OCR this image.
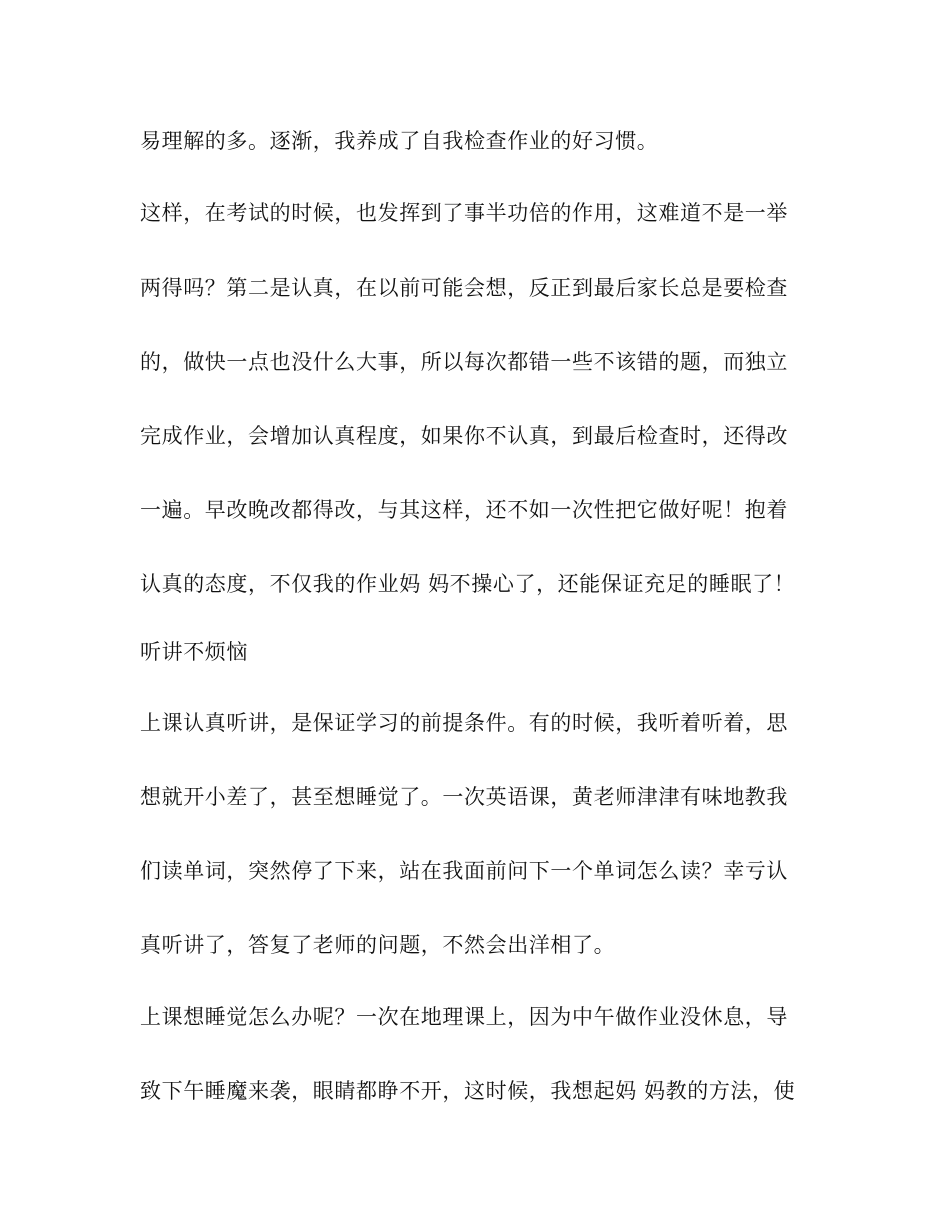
易理解的多。逐渐，我养成了自我检查作业的好习惯。
这样，在考试的时候，也发挥到了事半功倍的作用，这难道不是一举
两得吗？第二是认真，在以前可能会想，反正到最后家长总是要检查
的，做快一点也没什么大事，所以每次都错一些不该错的题，而独立
完成作业，会增加认真程度，如果你不认真，到最后检查时，还得改
一遍。早改晚改都得改，与其这样，还不如一次性把它做好呢！抱着
认真的态度，不仅我的作业妈 妈不操心了，还能保证充足的睡眠了！
听讲不烦恼
上课认真听讲，是保证学习的前提条件。有的时候，我听着听着，思
想就开小差了，甚至想睡觉了。一次英语课，黄老师津津有味地教我
们读单词，突然停了下来，站在我面前问下一个单词怎么读？幸亏认
真听讲了，答复了老师的问题，不然会出洋相了。
上课想睡觉怎么办呢？一次在地理课上，因为中午做作业没休息，导
致下午睡魔来袭，眼睛都睁不开，这时候，我想起妈 妈教的方法，使
